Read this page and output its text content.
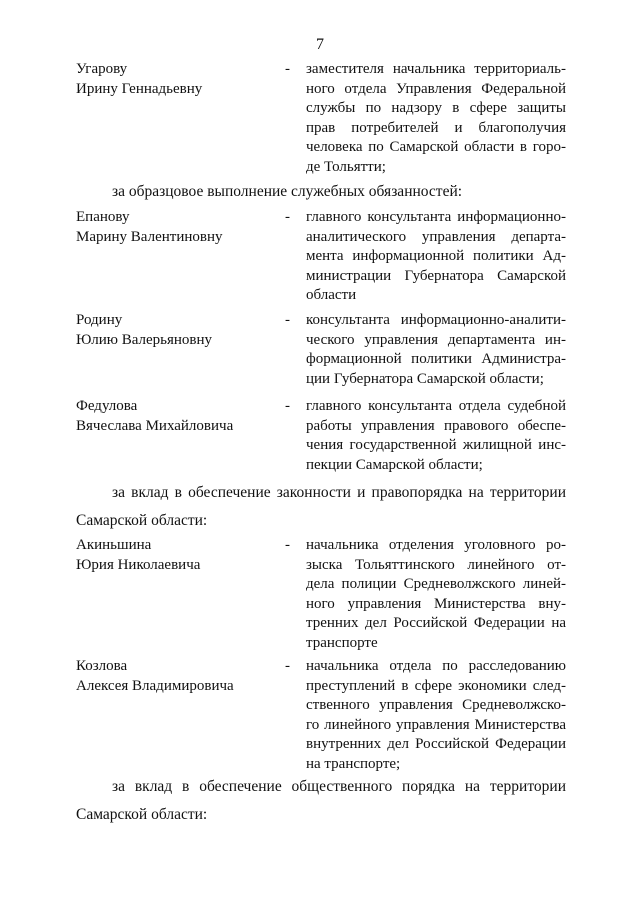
7
Угарову
Ирину Геннадьевну
- заместителя начальника территориаль-
ного отдела Управления Федеральной
службы по надзору в сфере защиты
прав потребителей и благополучия
человека по Самарской области в горо-
де Тольятти;
за образцовое выполнение служебных обязанностей:
Епанову
Марину Валентиновну
- главного консультанта информационно-
аналитического управления департа-
мента информационной политики Ад-
министрации Губернатора Самарской
области
Родину
Юлию Валерьяновну
- консультанта информационно-аналити-
ческого управления департамента ин-
формационной политики Администра-
ции Губернатора Самарской области;
Федулова
Вячеслава Михайловича
- главного консультанта отдела судебной
работы управления правового обеспе-
чения государственной жилищной инс-
пекции Самарской области;
за вклад в обеспечение законности и правопорядка на территории
Самарской области:
Акиньшина
Юрия Николаевича
- начальника отделения уголовного ро-
зыска Тольяттинского линейного от-
дела полиции Средневолжского линей-
ного управления Министерства вну-
тренних дел Российской Федерации на
транспорте
Козлова
Алексея Владимировича
- начальника отдела по расследованию
преступлений в сфере экономики след-
ственного управления Средневолжско-
го линейного управления Министерства
внутренних дел Российской Федерации
на транспорте;
за вклад в обеспечение общественного порядка на территории
Самарской области:
